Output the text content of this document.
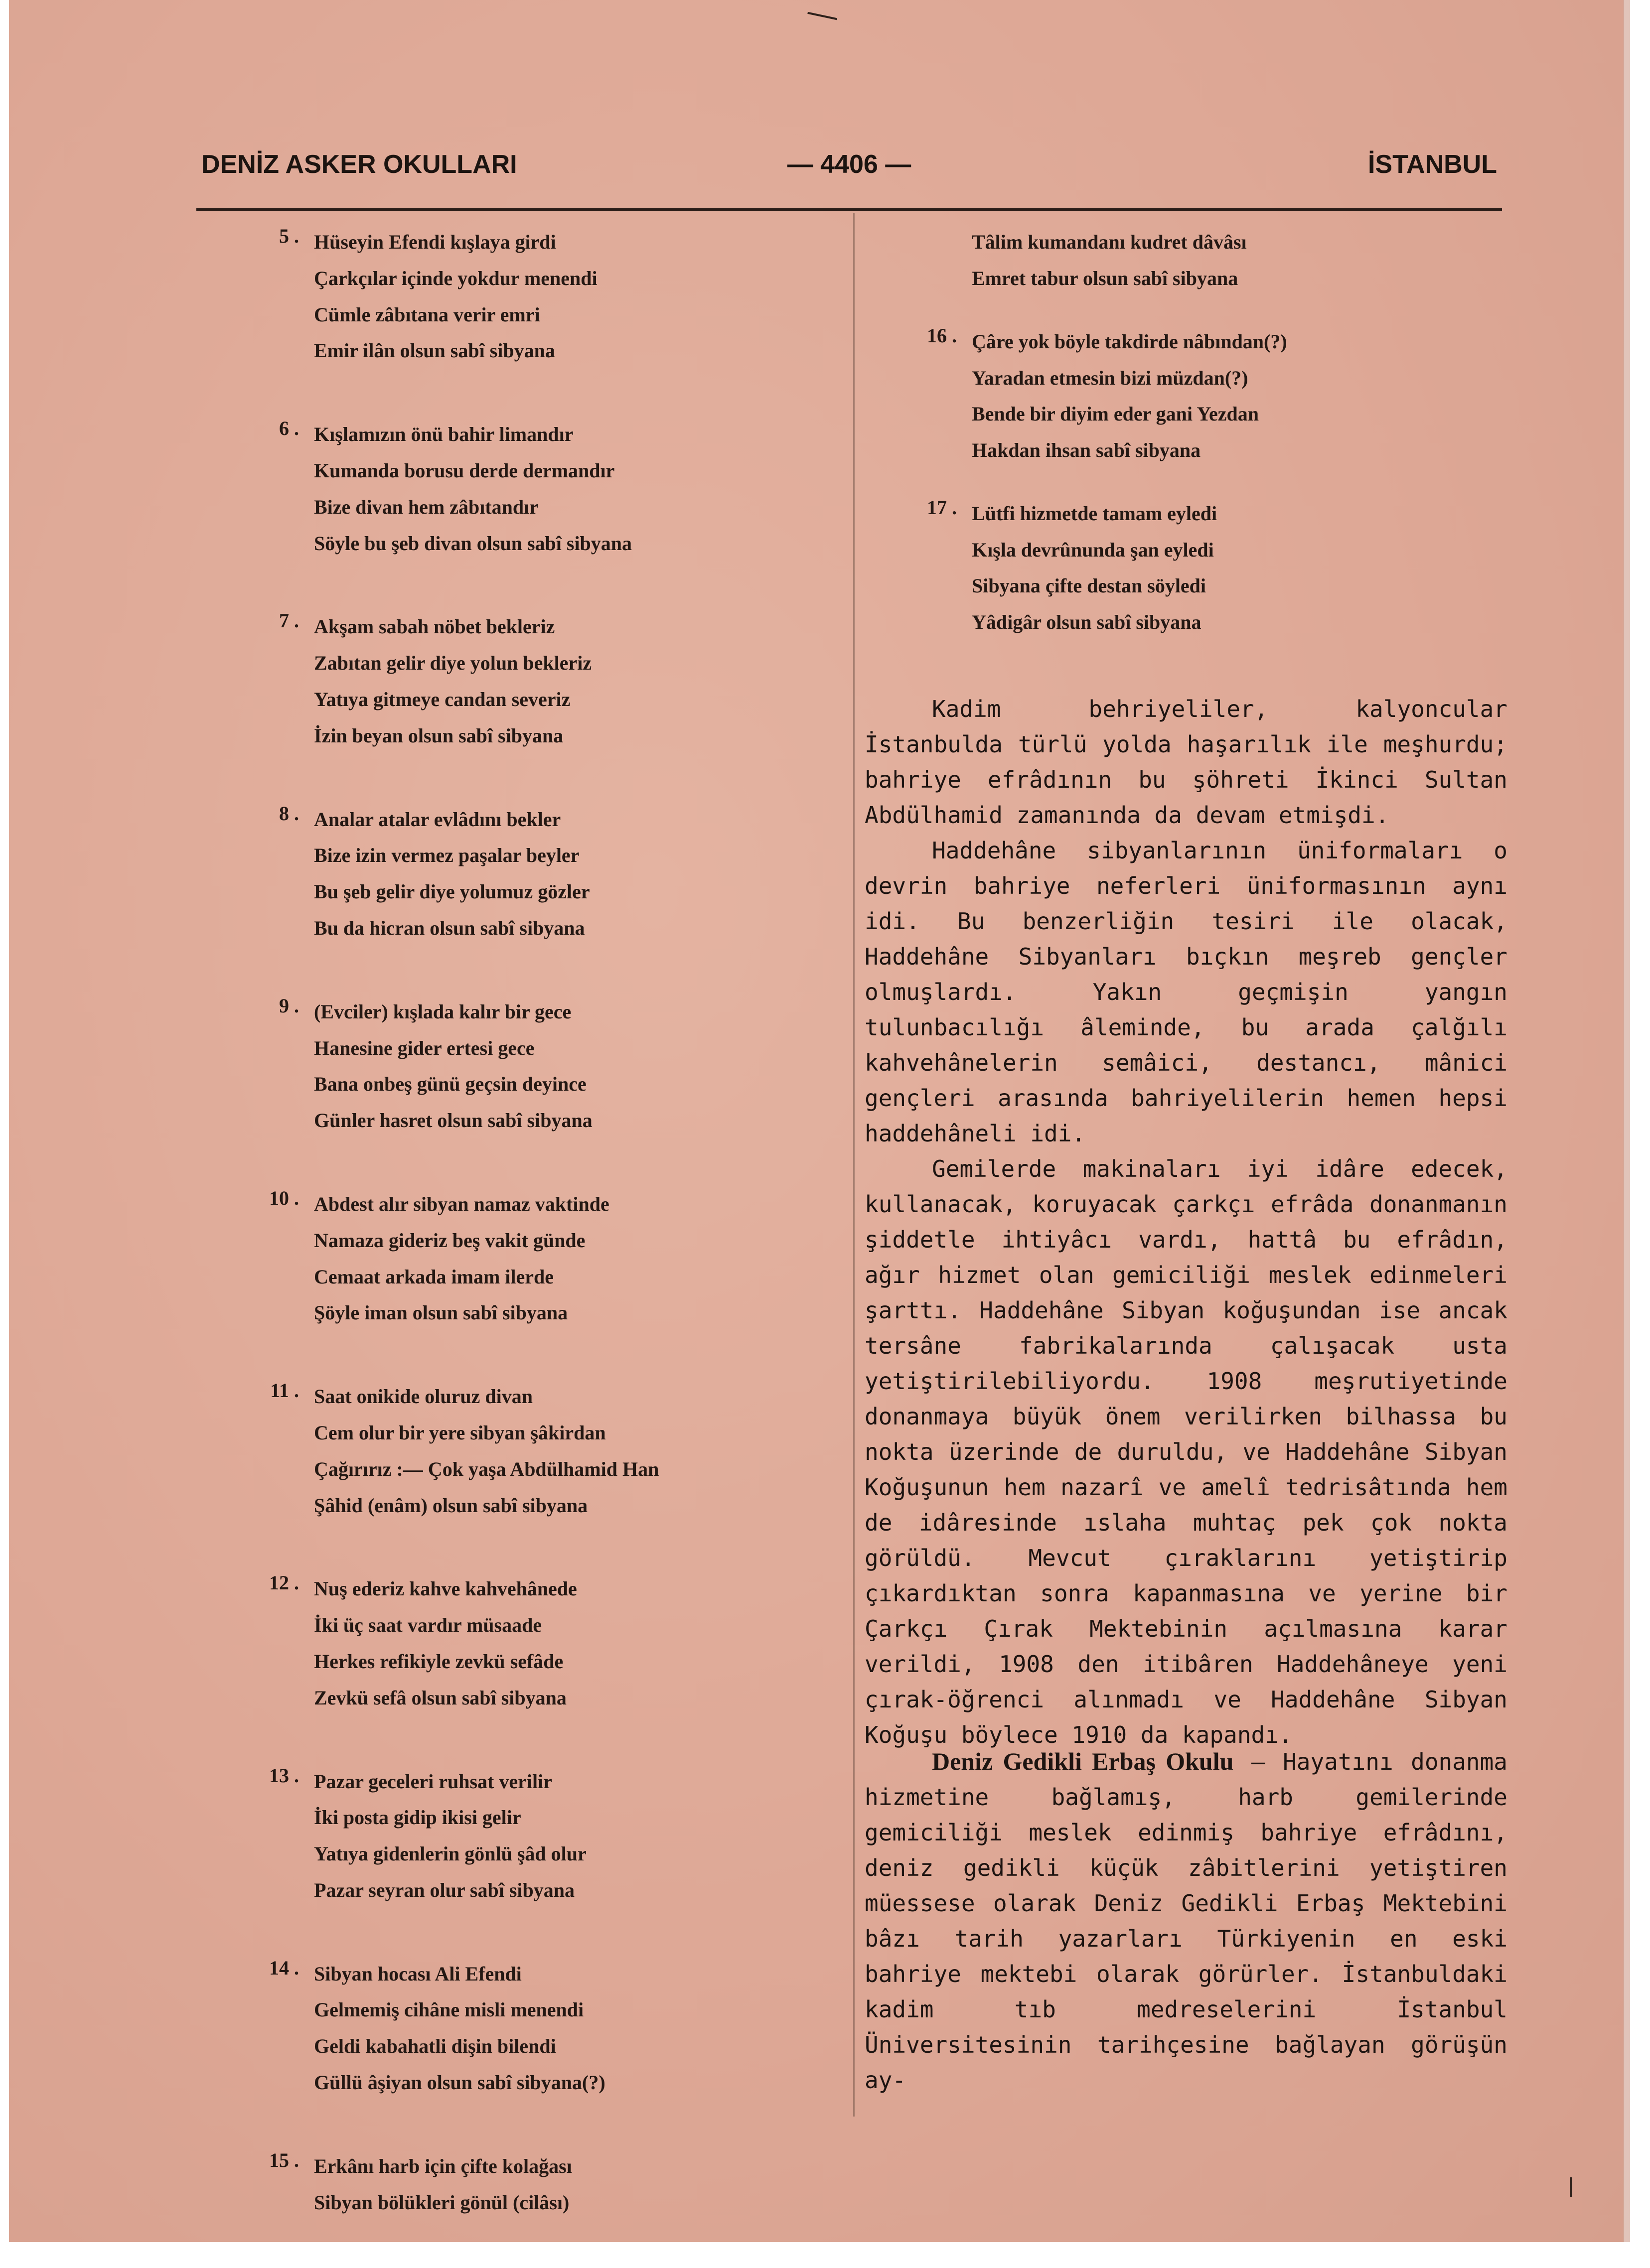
DENİZ ASKER OKULLARI	— 4406 —	İSTANBUL
5 . Hüseyin Efendi kışlaya girdi
Çarkçılar içinde yokdur menendi
Cümle zâbıtana verir emri
Emir ilân olsun sabî sibyana
6 . Kışlamızın önü bahir limandır
Kumanda borusu derde dermandır
Bize divan hem zâbıtandır
Söyle bu şeb divan olsun sabî sibyana
7 . Akşam sabah nöbet bekleriz
Zabıtan gelir diye yolun bekleriz
Yatıya gitmeye candan severiz
İzin beyan olsun sabî sibyana
8 . Analar atalar evlâdını bekler
Bize izin vermez paşalar beyler
Bu şeb gelir diye yolumuz gözler
Bu da hicran olsun sabî sibyana
9 . (Evciler) kışlada kalır bir gece
Hanesine gider ertesi gece
Bana onbeş günü geçsin deyince
Günler hasret olsun sabî sibyana
10 . Abdest alır sibyan namaz vaktinde
Namaza gideriz beş vakit günde
Cemaat arkada imam ilerde
Şöyle iman olsun sabî sibyana
11 . Saat onikide oluruz divan
Cem olur bir yere sibyan şâkirdan
Çağırırız :— Çok yaşa Abdülhamid Han
Şâhid (enâm) olsun sabî sibyana
12 . Nuş ederiz kahve kahvehânede
İki üç saat vardır müsaade
Herkes refikiyle zevkü sefâde
Zevkü sefâ olsun sabî sibyana
13 . Pazar geceleri ruhsat verilir
İki posta gidip ikisi gelir
Yatıya gidenlerin gönlü şâd olur
Pazar seyran olur sabî sibyana
14 . Sibyan hocası Ali Efendi
Gelmemiş cihâne misli menendi
Geldi kabahatli dişin bilendi
Güllü âşiyan olsun sabî sibyana(?)
15 . Erkânı harb için çifte kolağası
Sibyan bölükleri gönül (cilâsı)
Tâlim kumandanı kudret dâvâsı
Emret tabur olsun sabî sibyana
16 . Çâre yok böyle takdirde nâbından(?)
Yaradan etmesin bizi müzdan(?)
Bende bir diyim eder gani Yezdan
Hakdan ihsan sabî sibyana
17 . Lütfi hizmetde tamam eyledi
Kışla devrûnunda şan eyledi
Sibyana çifte destan söyledi
Yâdigâr olsun sabî sibyana

Kadim behriyeliler, kalyoncular İstanbulda türlü yolda haşarılık ile meşhurdu; bahriye efrâdının bu şöhreti İkinci Sultan Abdülhamid zamanında da devam etmişdi.

Haddehâne sibyanlarının üniformaları o devrin bahriye neferleri üniformasının aynı idi. Bu benzerliğin tesiri ile olacak, Haddehâne Sibyanları bıçkın meşreb gençler olmuşlardı. Yakın geçmişin yangın tulunbacılığı âleminde, bu arada çalğılı kahvehânelerin semâici, destancı, mânici gençleri arasında bahriyelilerin hemen hepsi haddehâneli idi.

Gemilerde makinaları iyi idâre edecek, kullanacak, koruyacak çarkçı efrâda donanmanın şiddetle ihtiyâcı vardı, hattâ bu efrâdın, ağır hizmet olan gemiciliği meslek edinmeleri şarttı. Haddehâne Sibyan koğuşundan ise ancak tersâne fabrikalarında çalışacak usta yetiştirilebiliyordu. 1908 meşrutiyetinde donanmaya büyük önem verilirken bilhassa bu nokta üzerinde de duruldu, ve Haddehâne Sibyan Koğuşunun hem nazarî ve amelî tedrisâtında hem de idâresinde ıslaha muhtaç pek çok nokta görüldü. Mevcut çıraklarını yetiştirip çıkardıktan sonra kapanmasına ve yerine bir Çarkçı Çırak Mektebinin açılmasına karar verildi, 1908 den itibâren Haddehâneye yeni çırak-öğrenci alınmadı ve Haddehâne Sibyan Koğuşu böylece 1910 da kapandı.

Deniz Gedikli Erbaş Okulu — Hayatını donanma hizmetine bağlamış, harb gemilerinde gemiciliği meslek edinmiş bahriye efrâdını, deniz gedikli küçük zâbitlerini yetiştiren müessese olarak Deniz Gedikli Erbaş Mektebini bâzı tarih yazarları Türkiyenin en eski bahriye mektebi olarak görürler. İstanbuldaki kadim tıb medreselerini İstanbul Üniversitesinin tarihçesine bağlayan görüşün ay-
